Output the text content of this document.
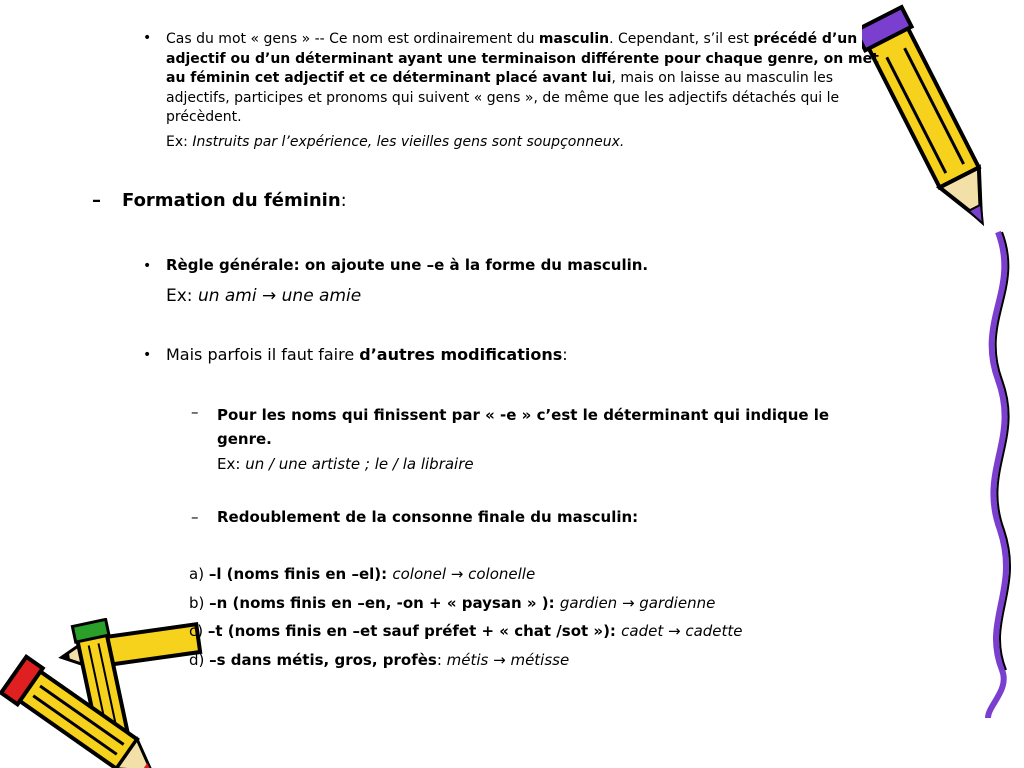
• Cas du mot « gens » -- Ce nom est ordinairement du masculin. Cependant, s’il est précédé d’un adjectif ou d’un déterminant ayant une terminaison différente pour chaque genre, on met au féminin cet adjectif et ce déterminant placé avant lui, mais on laisse au masculin les adjectifs, participes et pronoms qui suivent « gens », de même que les adjectifs détachés qui le précèdent.
Ex: Instruits par l’expérience, les vieilles gens sont soupçonneux.
– Formation du féminin:
• Règle générale: on ajoute une –e à la forme du masculin.
Ex: un ami → une amie
• Mais parfois il faut faire d’autres modifications:
– Pour les noms qui finissent par « -e » c’est le déterminant qui indique le genre.
Ex: un / une artiste ; le / la libraire
– Redoublement de la consonne finale du masculin:
a) –l (noms finis en –el): colonel → colonelle
b) –n (noms finis en –en, -on + « paysan » ): gardien → gardienne
c) –t (noms finis en –et sauf préfet + « chat /sot »): cadet → cadette
d) –s dans métis, gros, profès: métis → métisse
